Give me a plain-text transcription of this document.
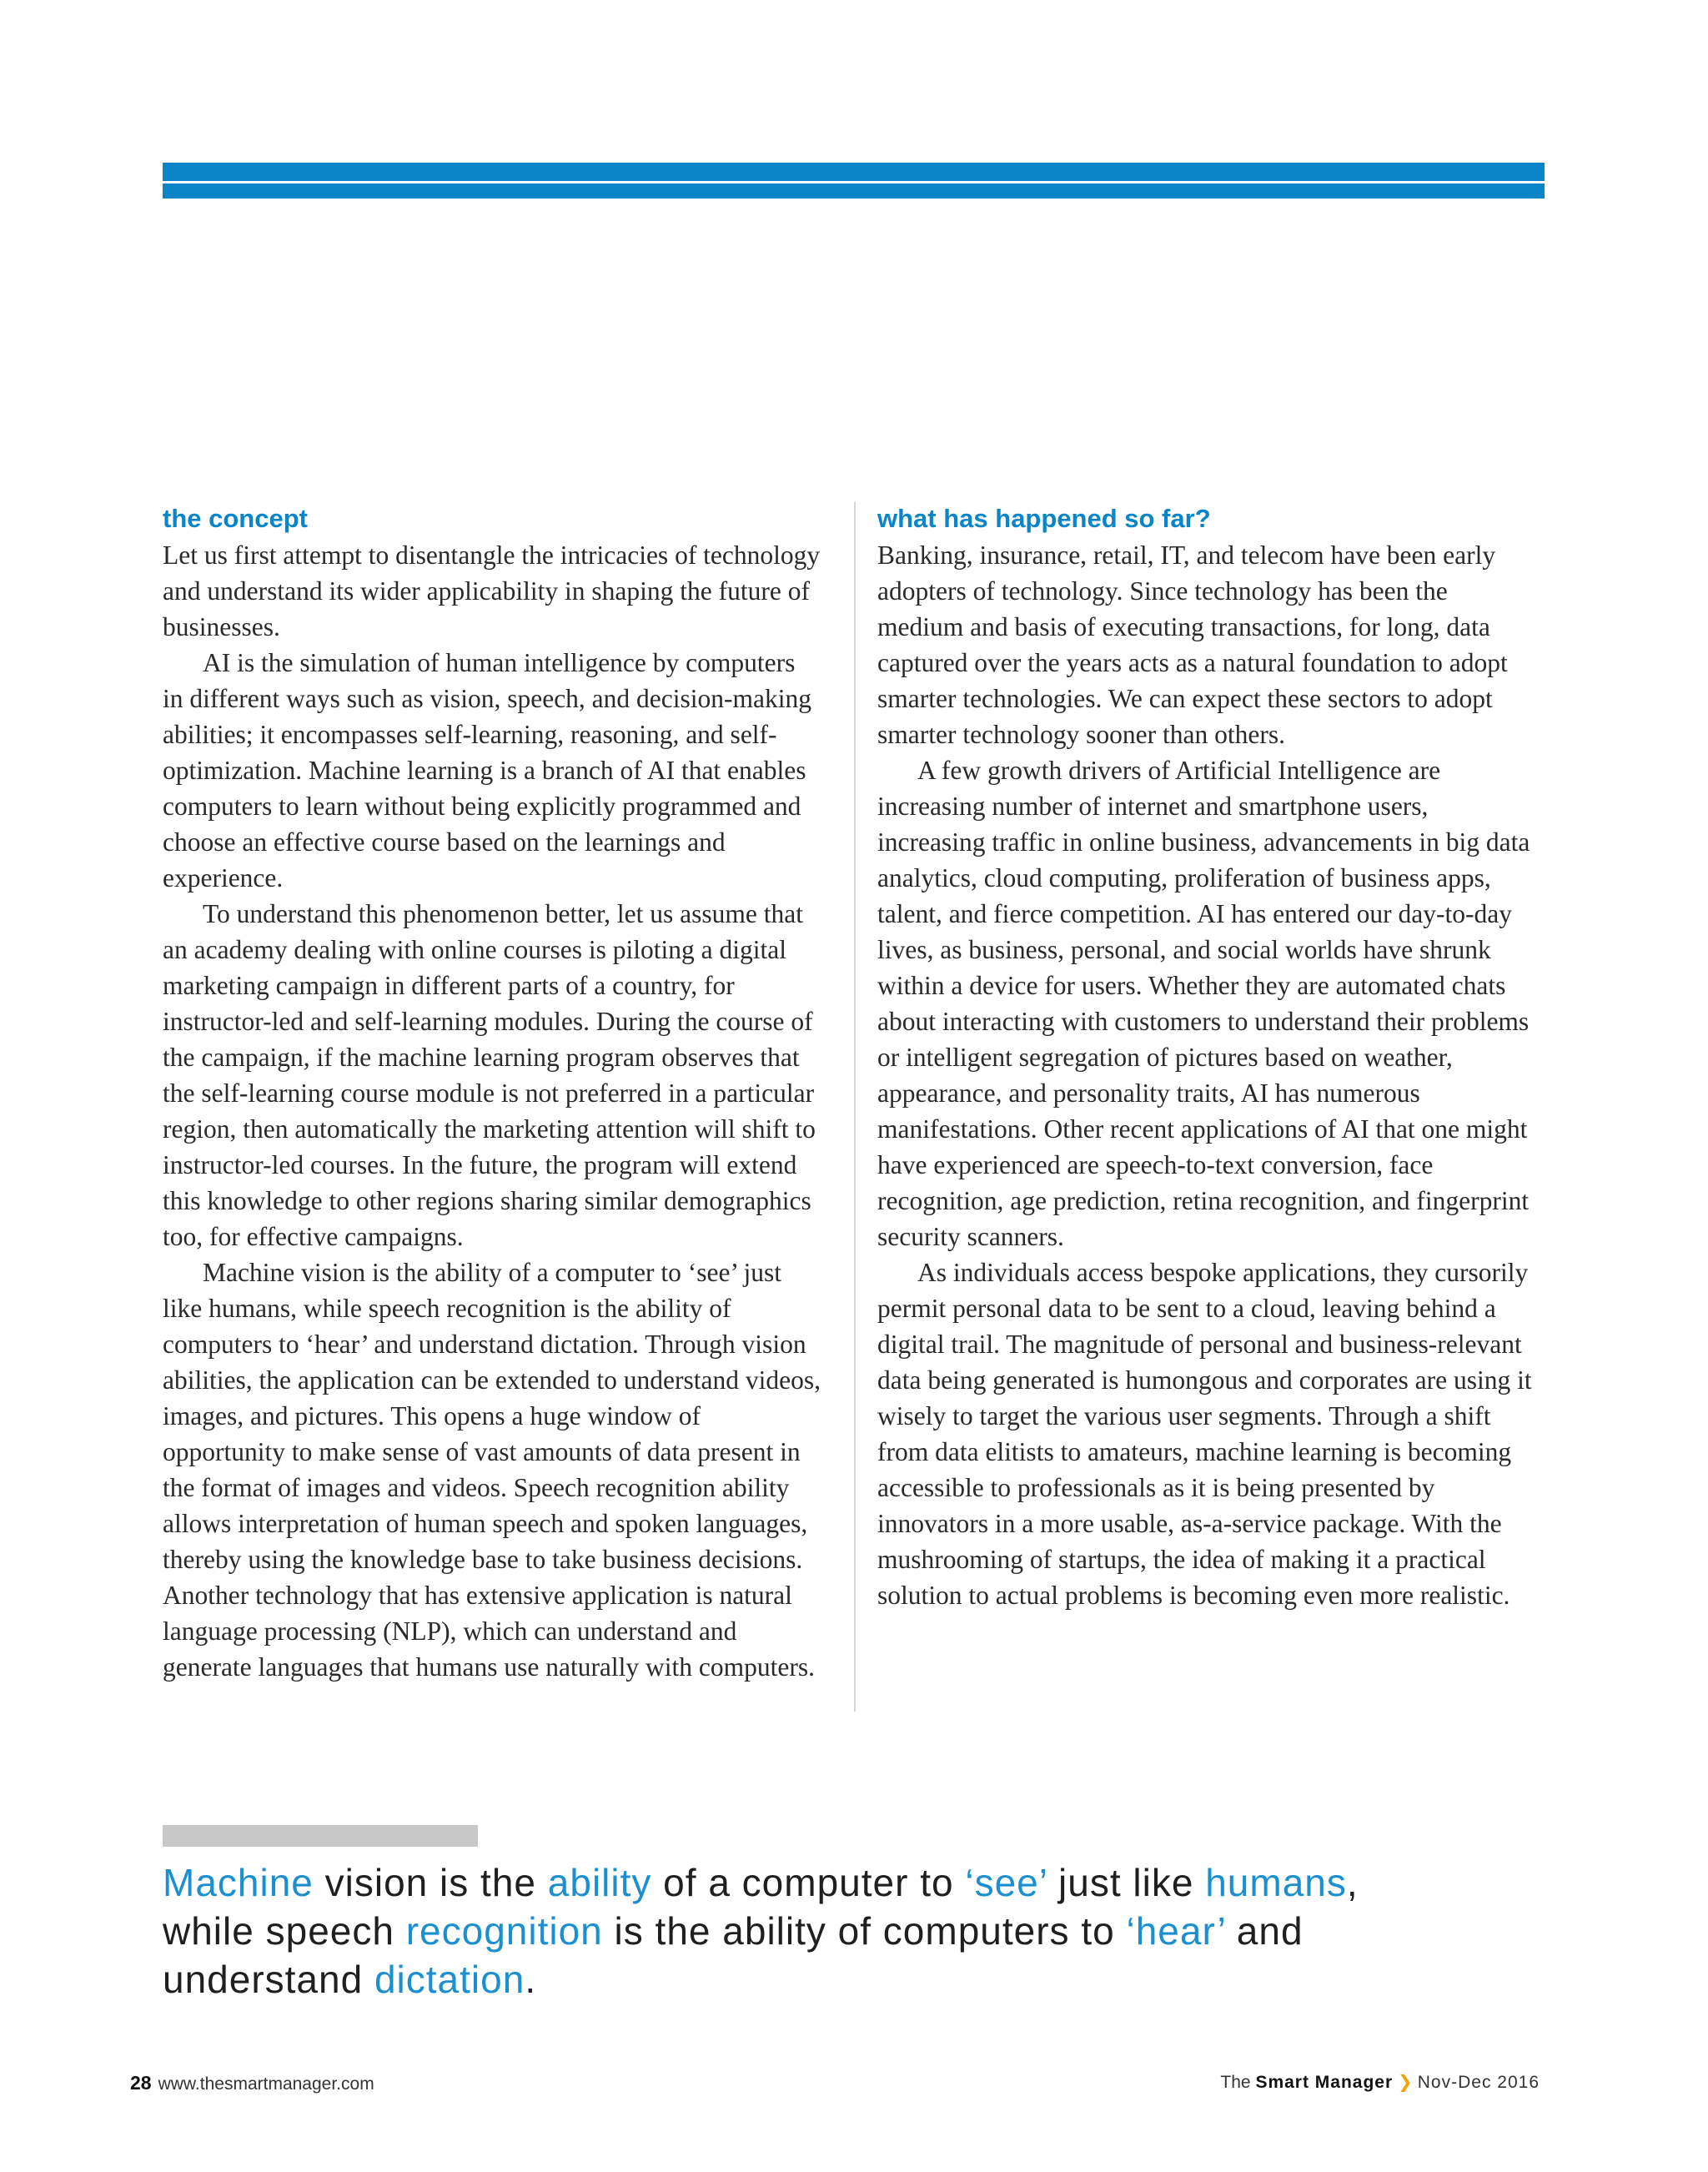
the concept

Let us first attempt to disentangle the intricacies of technology and understand its wider applicability in shaping the future of businesses.

AI is the simulation of human intelligence by computers in different ways such as vision, speech, and decision-making abilities; it encompasses self-learning, reasoning, and self-optimization. Machine learning is a branch of AI that enables computers to learn without being explicitly programmed and choose an effective course based on the learnings and experience.

To understand this phenomenon better, let us assume that an academy dealing with online courses is piloting a digital marketing campaign in different parts of a country, for instructor-led and self-learning modules. During the course of the campaign, if the machine learning program observes that the self-learning course module is not preferred in a particular region, then automatically the marketing attention will shift to instructor-led courses. In the future, the program will extend this knowledge to other regions sharing similar demographics too, for effective campaigns.

Machine vision is the ability of a computer to ‘see’ just like humans, while speech recognition is the ability of computers to ‘hear’ and understand dictation. Through vision abilities, the application can be extended to understand videos, images, and pictures. This opens a huge window of opportunity to make sense of vast amounts of data present in the format of images and videos. Speech recognition ability allows interpretation of human speech and spoken languages, thereby using the knowledge base to take business decisions. Another technology that has extensive application is natural language processing (NLP), which can understand and generate languages that humans use naturally with computers.

what has happened so far?

Banking, insurance, retail, IT, and telecom have been early adopters of technology. Since technology has been the medium and basis of executing transactions, for long, data captured over the years acts as a natural foundation to adopt smarter technologies. We can expect these sectors to adopt smarter technology sooner than others.

A few growth drivers of Artificial Intelligence are increasing number of internet and smartphone users, increasing traffic in online business, advancements in big data analytics, cloud computing, proliferation of business apps, talent, and fierce competition. AI has entered our day-to-day lives, as business, personal, and social worlds have shrunk within a device for users. Whether they are automated chats about interacting with customers to understand their problems or intelligent segregation of pictures based on weather, appearance, and personality traits, AI has numerous manifestations. Other recent applications of AI that one might have experienced are speech-to-text conversion, face recognition, age prediction, retina recognition, and fingerprint security scanners.

As individuals access bespoke applications, they cursorily permit personal data to be sent to a cloud, leaving behind a digital trail. The magnitude of personal and business-relevant data being generated is humongous and corporates are using it wisely to target the various user segments. Through a shift from data elitists to amateurs, machine learning is becoming accessible to professionals as it is being presented by innovators in a more usable, as-a-service package. With the mushrooming of startups, the idea of making it a practical solution to actual problems is becoming even more realistic.

Machine vision is the ability of a computer to ‘see’ just like humans, while speech recognition is the ability of computers to ‘hear’ and understand dictation.
28 www.thesmartmanager.com	The Smart Manager ❯ Nov-Dec 2016
